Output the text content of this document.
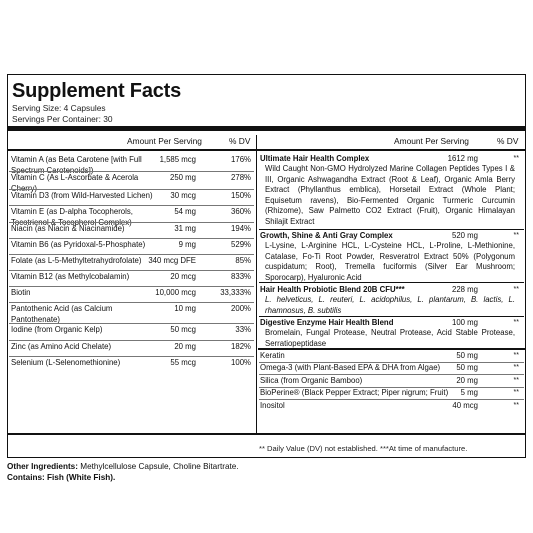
Supplement Facts
Serving Size: 4 Capsules
Servings Per Container: 30
Amount Per Serving	% DV	Amount Per Serving	% DV
Vitamin A (as Beta Carotene [with Full Spectrum Carotenoids])
1,585 mcg	176%
Vitamin C (As L-Ascorbate & Acerola Cherry)
250 mg	278%
Vitamin D3 (from Wild-Harvested Lichen)	30 mcg	150%
Vitamin E (as D-alpha Tocopherols, Tocotrienol & Tocopherol Complex)
54 mg	360%
Niacin (as Niacin & Niacinamide)	31 mg	194%
Vitamin B6 (as Pyridoxal-5-Phosphate)	9 mg	529%
Folate (as L-5-Methyltetrahydrofolate) 340 mcg DFE	85%
Vitamin B12 (as Methylcobalamin)	20 mcg	833%
Biotin	10,000 mcg	33,333%
Pantothenic Acid (as Calcium Pantothenate)
10 mg	200%
Iodine (from Organic Kelp)	50 mcg	33%
Zinc (as Amino Acid Chelate)	20 mg	182%
Selenium (L-Selenomethionine)	55 mcg	100%
Ultimate Hair Health Complex	1612 mg	**
Wild Caught Non-GMO Hydrolyzed Marine Collagen Peptides Types I & III, Organic Ashwagandha Extract (Root & Leaf), Organic Amla Berry Extract (Phyllanthus emblica), Horsetail Extract (Whole Plant; Equisetum ravens), Bio-Fermented Organic Turmeric Curcumin (Rhizome), Saw Palmetto CO2 Extract (Fruit), Organic Himalayan Shilajit Extract
Growth, Shine & Anti Gray Complex	520 mg	**
L-Lysine, L-Arginine HCL, L-Cysteine HCL, L-Proline, L-Methionine, Catalase, Fo-Ti Root Powder, Resveratrol Extract 50% (Polygonum cuspidatum; Root), Tremella fuciformis (Silver Ear Mushroom; Sporocarp), Hyaluronic Acid
Hair Health Probiotic Blend 20B CFU***	228 mg	**
L. helveticus, L. reuteri, L. acidophilus, L. plantarum, B. lactis, L. rhamnosus, B. subtilis
Digestive Enzyme Hair Health Blend	100 mg	**
Bromelain, Fungal Protease, Neutral Protease, Acid Stable Protease, Serratiopeptidase
Keratin	50 mg	**
Omega-3 (with Plant-Based EPA & DHA from Algae) 50 mg	**
Silica (from Organic Bamboo)	20 mg	**
BioPerine® (Black Pepper Extract; Piper nigrum; Fruit) 5 mg	**
Inositol	40 mcg	**
** Daily Value (DV) not established. ***At time of manufacture.
Other Ingredients: Methylcellulose Capsule, Choline Bitartrate.
Contains: Fish (White Fish).
